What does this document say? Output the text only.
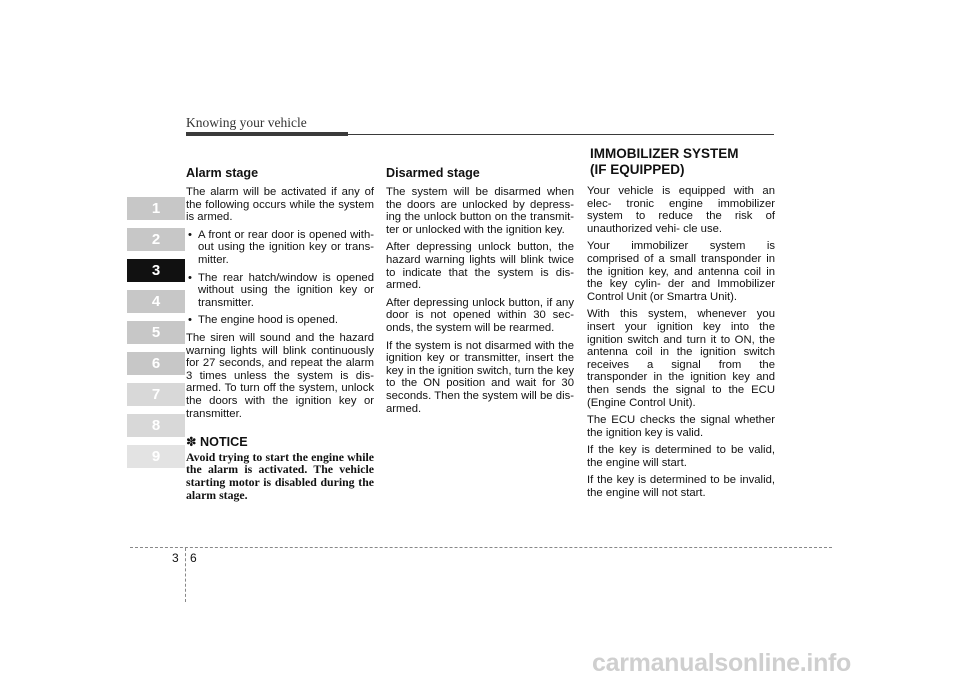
Knowing your vehicle
1
2
3
4
5
6
7
8
9
Alarm stage

The alarm will be activated if any of the following occurs while the system is armed.

• A front or rear door is opened with- out using the ignition key or trans- mitter.
• The rear hatch/window is opened without using the ignition key or transmitter.
• The engine hood is opened.

The siren will sound and the hazard warning lights will blink continuously for 27 seconds, and repeat the alarm 3 times unless the system is dis- armed. To turn off the system, unlock the doors with the ignition key or transmitter.

✽ NOTICE

Avoid trying to start the engine while the alarm is activated. The vehicle starting motor is disabled during the alarm stage.

Disarmed stage

The system will be disarmed when the doors are unlocked by depress- ing the unlock button on the transmit- ter or unlocked with the ignition key.

After depressing unlock button, the hazard warning lights will blink twice to indicate that the system is dis- armed.

After depressing unlock button, if any door is not opened within 30 sec- onds, the system will be rearmed.

If the system is not disarmed with the ignition key or transmitter, insert the key in the ignition switch, turn the key to the ON position and wait for 30 seconds. Then the system will be dis- armed.

IMMOBILIZER SYSTEM
(IF EQUIPPED)

Your vehicle is equipped with an elec- tronic engine immobilizer system to reduce the risk of unauthorized vehi- cle use.

Your immobilizer system is comprised of a small transponder in the ignition key, and antenna coil in the key cylin- der and Immobilizer Control Unit (or Smartra Unit).

With this system, whenever you insert your ignition key into the ignition switch and turn it to ON, the antenna coil in the ignition switch receives a signal from the transponder in the ignition key and then sends the signal to the ECU (Engine Control Unit).

The ECU checks the signal whether the ignition key is valid.

If the key is determined to be valid, the engine will start.

If the key is determined to be invalid, the engine will not start.

3 6
carmanualsonline.info
